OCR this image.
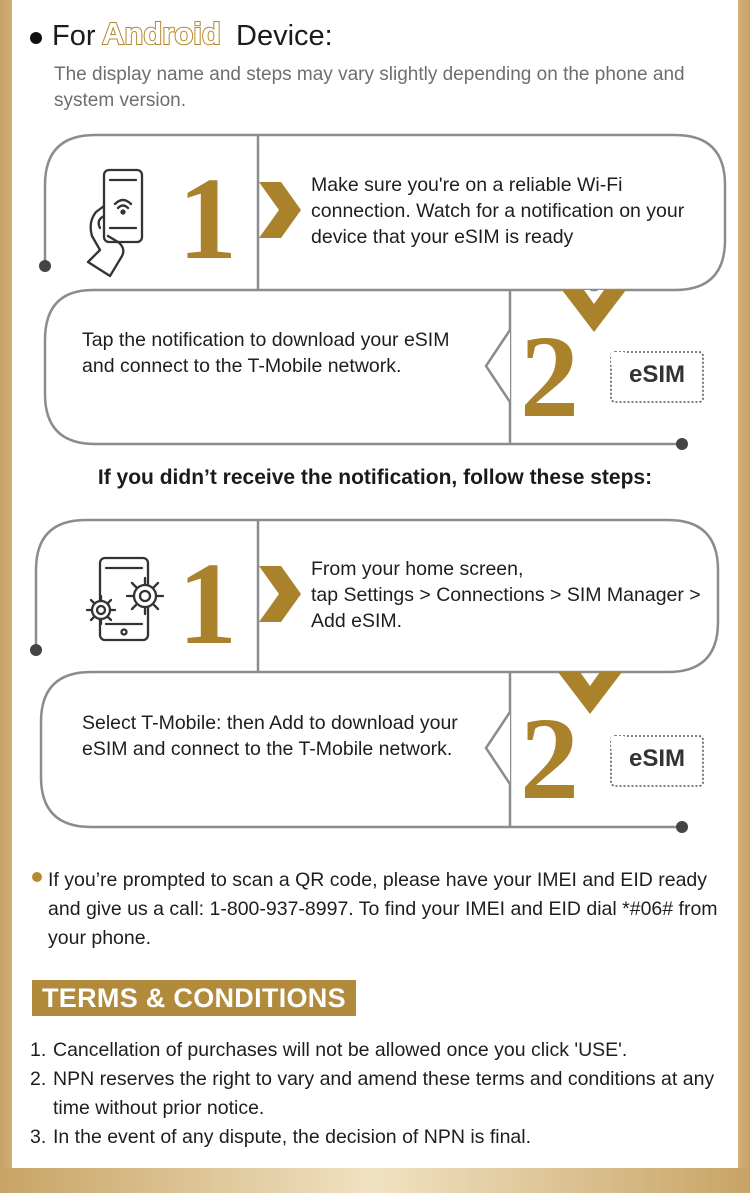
For Android Device:
The display name and steps may vary slightly depending on the phone and system version.
1	Make sure you're on a reliable Wi-Fi connection. Watch for a notification on your device that your eSIM is ready
Tap the notification to download your eSIM and connect to the T-Mobile network.	2	eSIM
If you didn’t receive the notification, follow these steps:
1	From your home screen,
tap Settings > Connections > SIM Manager > Add eSIM.
Select T-Mobile: then Add to download your eSIM and connect to the T-Mobile network. 2	eSIM
If you’re prompted to scan a QR code, please have your IMEI and EID ready and give us a call: 1-800-937-8997. To find your IMEI and EID dial *#06# from your phone.
TERMS & CONDITIONS
1. Cancellation of purchases will not be allowed once you click 'USE'.
2. NPN reserves the right to vary and amend these terms and conditions at any time without prior notice.
3. In the event of any dispute, the decision of NPN is final.
